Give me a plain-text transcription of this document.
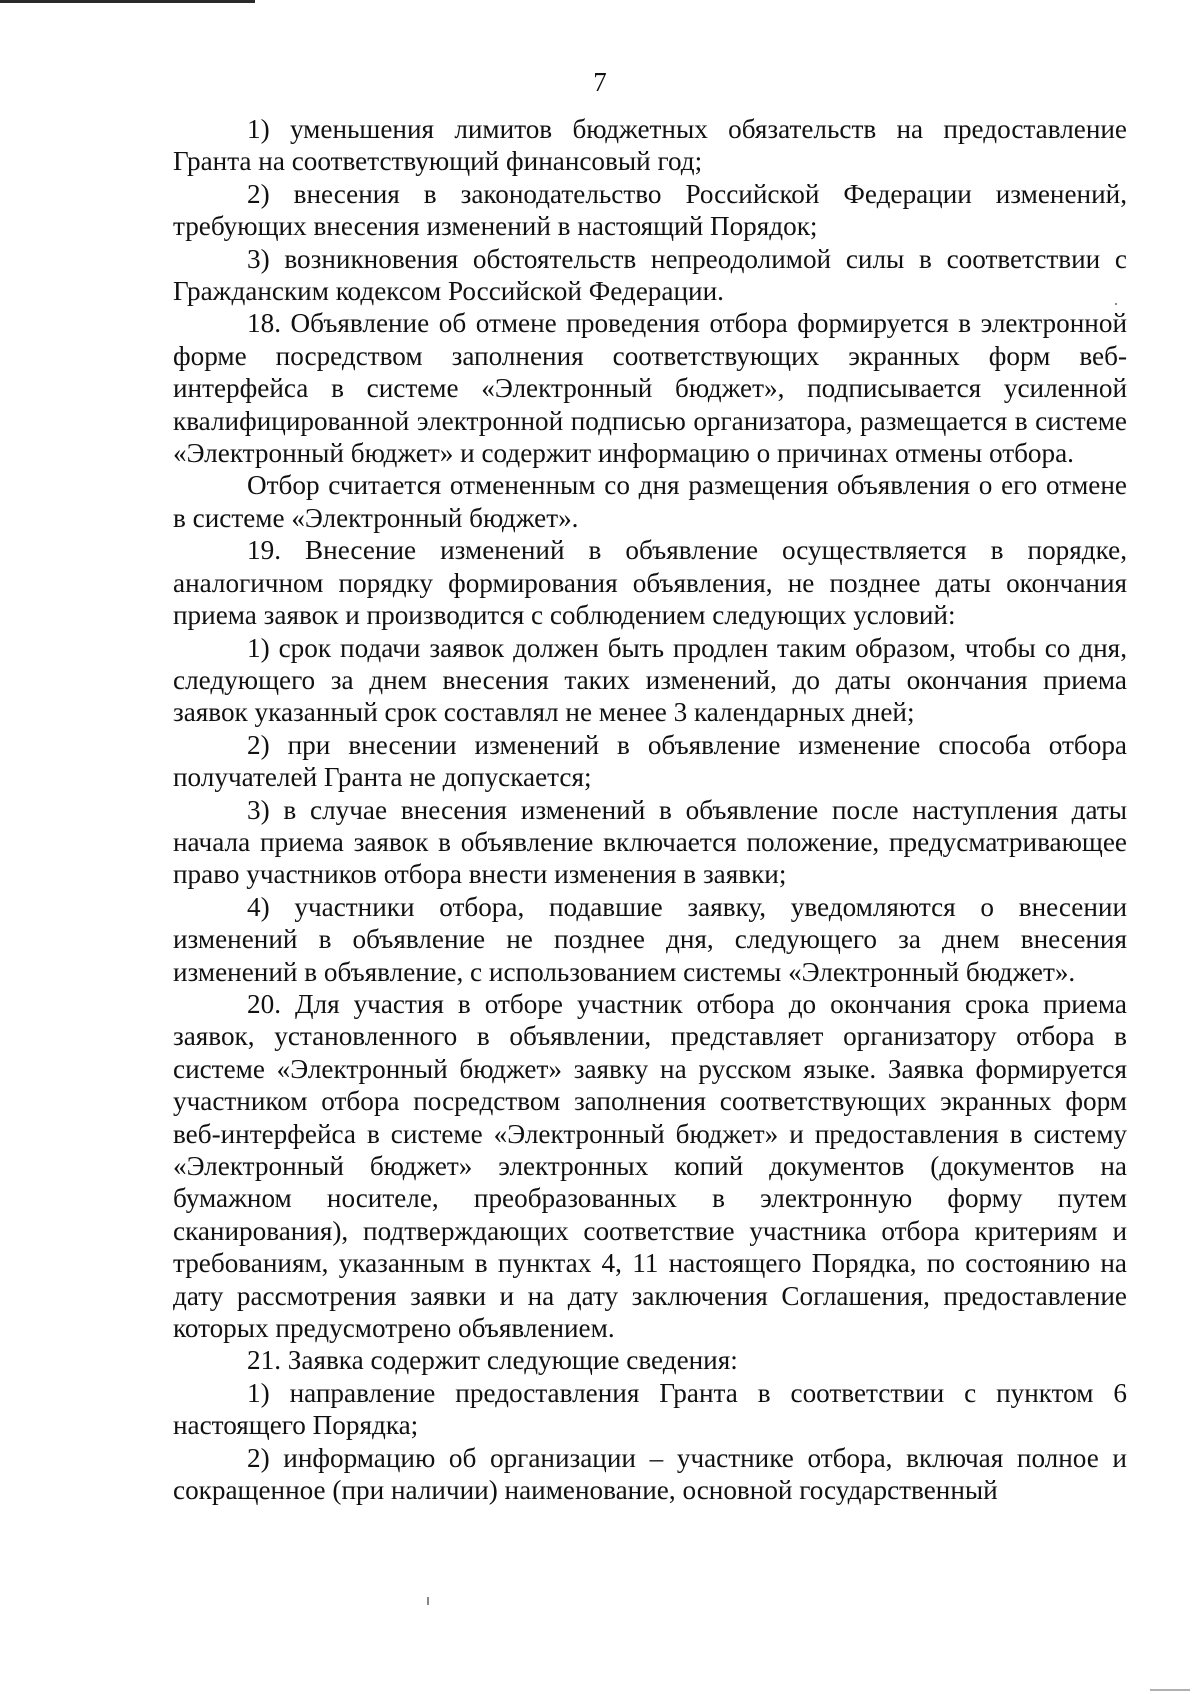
7

1) уменьшения лимитов бюджетных обязательств на предоставление Гранта на соответствующий финансовый год;

2) внесения в законодательство Российской Федерации изменений, требующих внесения изменений в настоящий Порядок;

3) возникновения обстоятельств непреодолимой силы в соответствии с Гражданским кодексом Российской Федерации.

18. Объявление об отмене проведения отбора формируется в электронной форме посредством заполнения соответствующих экранных форм веб-интерфейса в системе «Электронный бюджет», подписывается усиленной квалифицированной электронной подписью организатора, размещается в системе «Электронный бюджет» и содержит информацию о причинах отмены отбора.

Отбор считается отмененным со дня размещения объявления о его отмене в системе «Электронный бюджет».

19. Внесение изменений в объявление осуществляется в порядке, аналогичном порядку формирования объявления, не позднее даты окончания приема заявок и производится с соблюдением следующих условий:

1) срок подачи заявок должен быть продлен таким образом, чтобы со дня, следующего за днем внесения таких изменений, до даты окончания приема заявок указанный срок составлял не менее 3 календарных дней;

2) при внесении изменений в объявление изменение способа отбора получателей Гранта не допускается;

3) в случае внесения изменений в объявление после наступления даты начала приема заявок в объявление включается положение, предусматривающее право участников отбора внести изменения в заявки;

4) участники отбора, подавшие заявку, уведомляются о внесении изменений в объявление не позднее дня, следующего за днем внесения изменений в объявление, с использованием системы «Электронный бюджет».

20. Для участия в отборе участник отбора до окончания срока приема заявок, установленного в объявлении, представляет организатору отбора в системе «Электронный бюджет» заявку на русском языке. Заявка формируется участником отбора посредством заполнения соответствующих экранных форм веб-интерфейса в системе «Электронный бюджет» и предоставления в систему «Электронный бюджет» электронных копий документов (документов на бумажном носителе, преобразованных в электронную форму путем сканирования), подтверждающих соответствие участника отбора критериям и требованиям, указанным в пунктах 4, 11 настоящего Порядка, по состоянию на дату рассмотрения заявки и на дату заключения Соглашения, предоставление которых предусмотрено объявлением.

21. Заявка содержит следующие сведения:

1) направление предоставления Гранта в соответствии с пунктом 6 настоящего Порядка;

2) информацию об организации – участнике отбора, включая полное и сокращенное (при наличии) наименование, основной государственный
